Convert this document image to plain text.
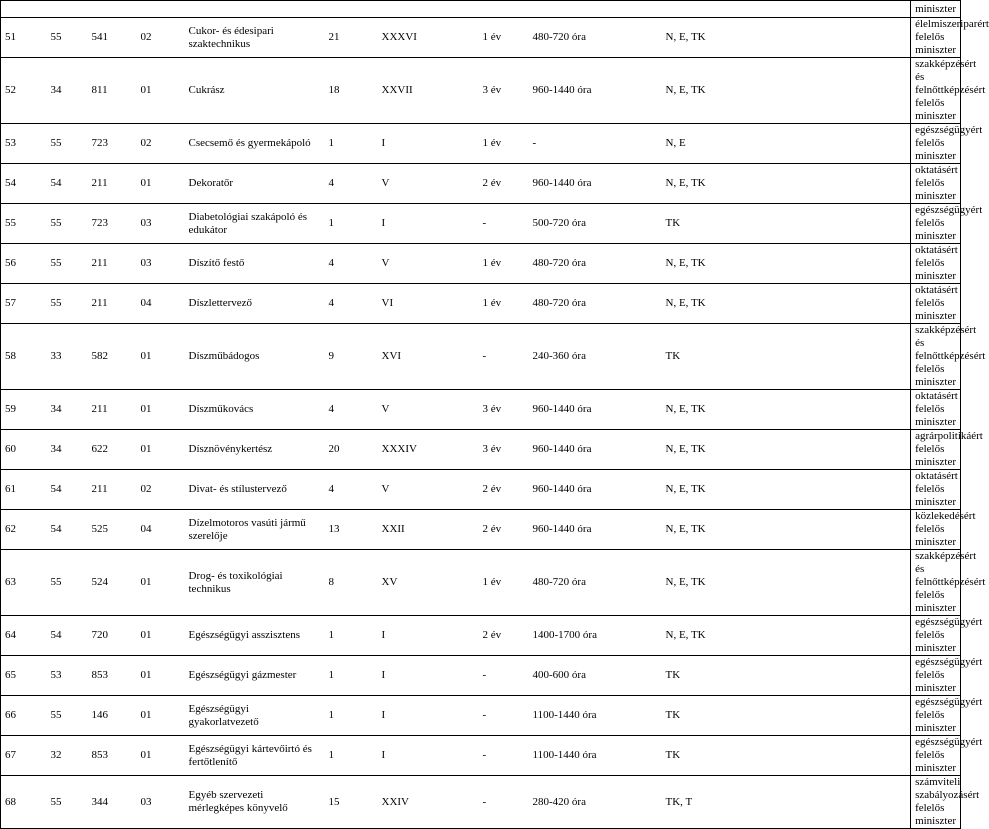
											miniszter
51	55	541	02	Cukor- és édesipari szaktechnikus	21	XXXVI	1 év	480-720 óra	N, E, TK		élelmiszeriparért felelős miniszter
52	34	811	01	Cukrász	18	XXVII	3 év	960-1440 óra	N, E, TK		szakképzésért és felnőttképzésért felelős miniszter
53	55	723	02	Csecsemő és gyermekápoló	1	I	1 év	-	N, E		egészségügyért felelős miniszter
54	54	211	01	Dekoratőr	4	V	2 év	960-1440 óra	N, E, TK		oktatásért felelős miniszter
55	55	723	03	Diabetológiai szakápoló és edukátor	1	I	-	500-720 óra	TK		egészségügyért felelős miniszter
56	55	211	03	Díszítő festő	4	V	1 év	480-720 óra	N, E, TK		oktatásért felelős miniszter
57	55	211	04	Díszlettervező	4	VI	1 év	480-720 óra	N, E, TK		oktatásért felelős miniszter
58	33	582	01	Díszműbádogos	9	XVI	-	240-360 óra	TK		szakképzésért és felnőttképzésért felelős miniszter
59	34	211	01	Díszműkovács	4	V	3 év	960-1440 óra	N, E, TK		oktatásért felelős miniszter
60	34	622	01	Dísznövénykertész	20	XXXIV	3 év	960-1440 óra	N, E, TK		agrárpolitikáért felelős miniszter
61	54	211	02	Divat- és stílustervező	4	V	2 év	960-1440 óra	N, E, TK		oktatásért felelős miniszter
62	54	525	04	Dízelmotoros vasúti jármű szerelője	13	XXII	2 év	960-1440 óra	N, E, TK		közlekedésért felelős miniszter
63	55	524	01	Drog- és toxikológiai technikus	8	XV	1 év	480-720 óra	N, E, TK		szakképzésért és felnőttképzésért felelős miniszter
64	54	720	01	Egészségügyi asszisztens	1	I	2 év	1400-1700 óra	N, E, TK		egészségügyért felelős miniszter
65	53	853	01	Egészségügyi gázmester	1	I	-	400-600 óra	TK		egészségügyért felelős miniszter
66	55	146	01	Egészségügyi gyakorlatvezető	1	I	-	1100-1440 óra	TK		egészségügyért felelős miniszter
67	32	853	01	Egészségügyi kártevőirtó és fertőtlenítő	1	I	-	1100-1440 óra	TK		egészségügyért felelős miniszter
68	55	344	03	Egyéb szervezeti mérlegképes könyvelő	15	XXIV	-	280-420 óra	TK, T		számviteli szabályozásért felelős miniszter
